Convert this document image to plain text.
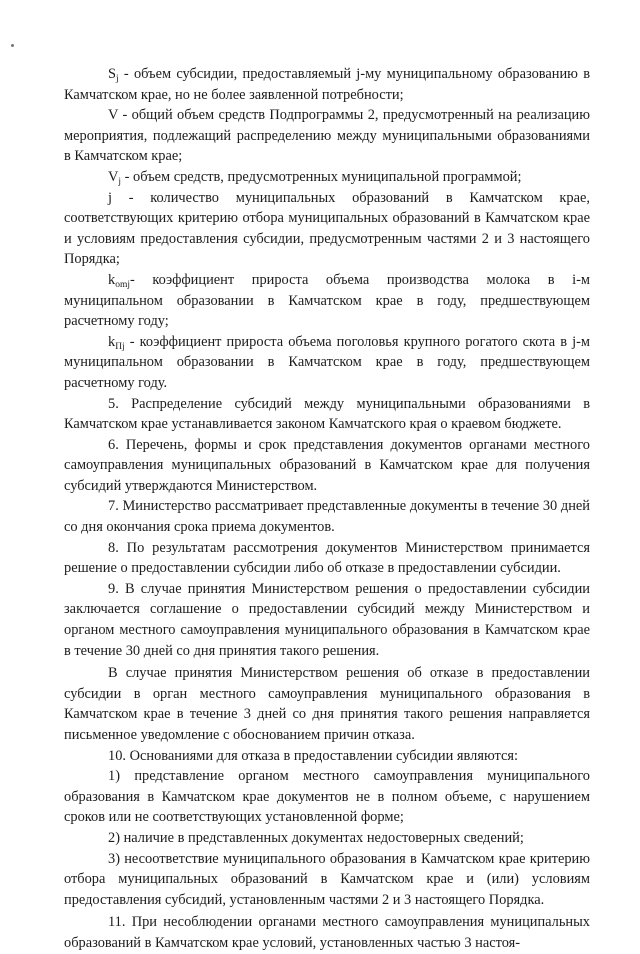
$S_j$ - объем субсидии, предоставляемый j-му муниципальному образованию в Камчатском крае, но не более заявленной потребности;

V - общий объем средств Подпрограммы 2, предусмотренный на реализацию мероприятия, подлежащий распределению между муниципальными образованиями в Камчатском крае;

$V_j$ - объем средств, предусмотренных муниципальной программой;

j - количество муниципальных образований в Камчатском крае, соответствующих критерию отбора муниципальных образований в Камчатском крае и условиям предоставления субсидии, предусмотренным частями 2 и 3 настоящего Порядка;

$k_{omj}-$ коэффициент прироста объема производства молока в i-м муниципальном образовании в Камчатском крае в году, предшествующем расчетному году;

$k_{Пj}$ - коэффициент прироста объема поголовья крупного рогатого скота в j-м муниципальном образовании в Камчатском крае в году, предшествующем расчетному году.

5. Распределение субсидий между муниципальными образованиями в Камчатском крае устанавливается законом Камчатского края о краевом бюджете.

6. Перечень, формы и срок представления документов органами местного самоуправления муниципальных образований в Камчатском крае для получения субсидий утверждаются Министерством.

7. Министерство рассматривает представленные документы в течение 30 дней со дня окончания срока приема документов.

8. По результатам рассмотрения документов Министерством принимается решение о предоставлении субсидии либо об отказе в предоставлении субсидии.

9. В случае принятия Министерством решения о предоставлении субсидии заключается соглашение о предоставлении субсидий между Министерством и органом местного самоуправления муниципального образования в Камчатском крае в течение 30 дней со дня принятия такого решения.

В случае принятия Министерством решения об отказе в предоставлении субсидии в орган местного самоуправления муниципального образования в Камчатском крае в течение 3 дней со дня принятия такого решения направляется письменное уведомление с обоснованием причин отказа.

10. Основаниями для отказа в предоставлении субсидии являются:

1) представление органом местного самоуправления муниципального образования в Камчатском крае документов не в полном объеме, с нарушением сроков или не соответствующих установленной форме;

2) наличие в представленных документах недостоверных сведений;

3) несоответствие муниципального образования в Камчатском крае критерию отбора муниципальных образований в Камчатском крае и (или) условиям предоставления субсидий, установленным частями 2 и 3 настоящего Порядка.

11. При несоблюдении органами местного самоуправления муниципальных образований в Камчатском крае условий, установленных частью 3 настоя-
